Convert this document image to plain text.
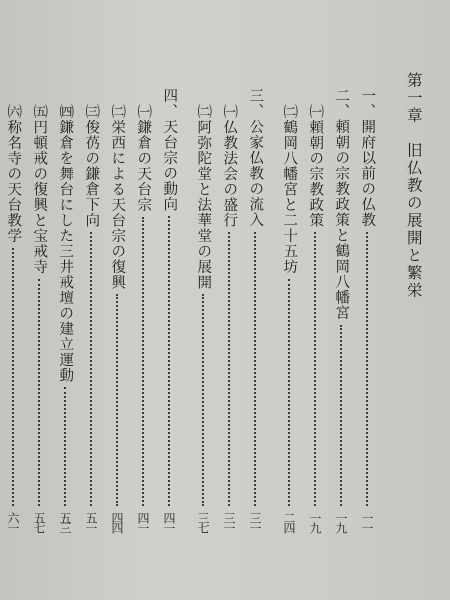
第一章　旧仏教の展開と繁栄
一、開府以前の仏教
一一
二、頼朝の宗教政策と鶴岡八幡宮
一九
㈠頼朝の宗教政策
一九
㈡鶴岡八幡宮と二十五坊
二四
三、公家仏教の流入
三一
㈠仏教法会の盛行
三一
㈡阿弥陀堂と法華堂の展開
三七
四、天台宗の動向
四一
㈠鎌倉の天台宗
四一
㈡栄西による天台宗の復興
四四
㈢俊芿の鎌倉下向
五一
㈣鎌倉を舞台にした三井戒壇の建立運動
五三
㈤円頓戒の復興と宝戒寺
五七
㈥称名寺の天台教学
六一
